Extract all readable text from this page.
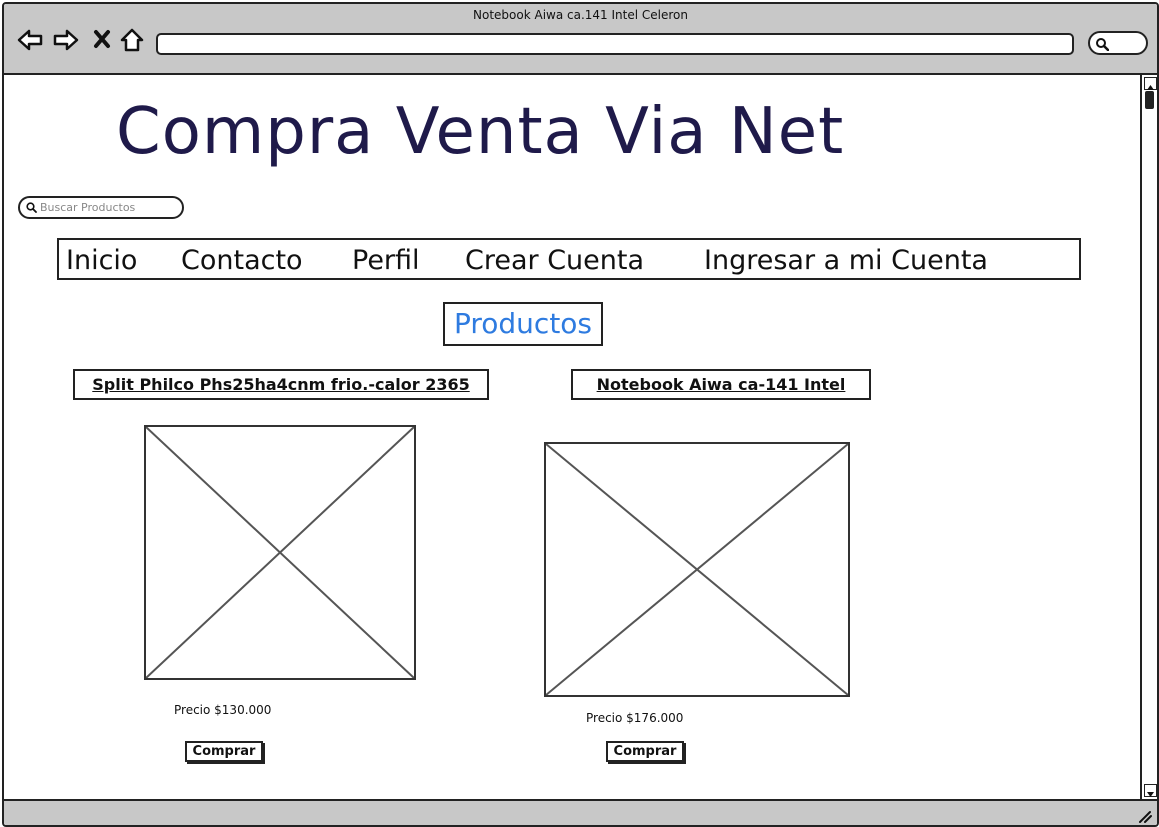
Notebook Aiwa ca.141 Intel Celeron
Compra Venta Via Net
Buscar Productos
Inicio Contacto Perfil Crear Cuenta Ingresar a mi Cuenta
Productos
Split Philco Phs25ha4cnm frio.-calor 2365
Precio $130.000
Comprar
Notebook Aiwa ca-141 Intel
Precio $176.000
Comprar
